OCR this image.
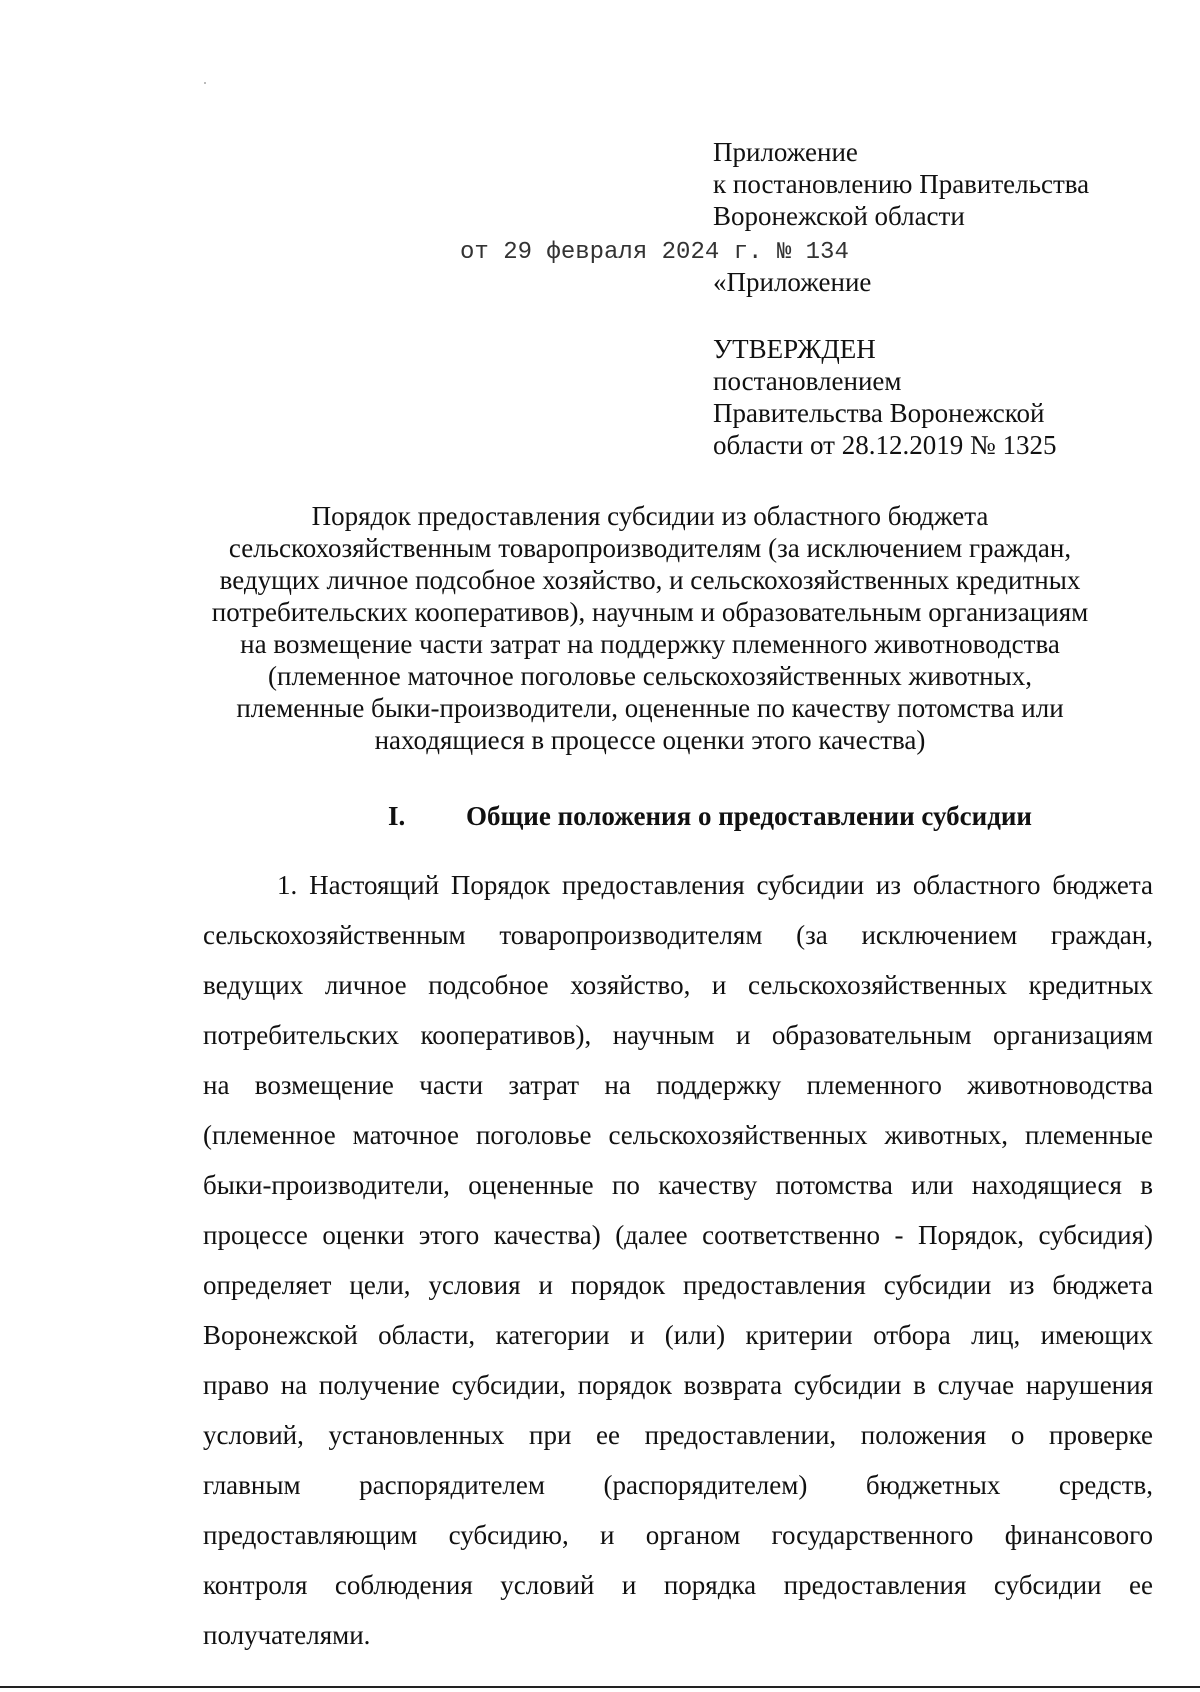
Приложение
к постановлению Правительства
Воронежской области
от 29 февраля 2024 г. № 134
«Приложение
УТВЕРЖДЕН
постановлением
Правительства Воронежской
области от 28.12.2019 № 1325
Порядок предоставления субсидии из областного бюджета
сельскохозяйственным товаропроизводителям (за исключением граждан,
ведущих личное подсобное хозяйство, и сельскохозяйственных кредитных
потребительских кооперативов), научным и образовательным организациям
на возмещение части затрат на поддержку племенного животноводства
(племенное маточное поголовье сельскохозяйственных животных,
племенные быки-производители, оцененные по качеству потомства или
находящиеся в процессе оценки этого качества)
I. Общие положения о предоставлении субсидии
1. Настоящий Порядок предоставления субсидии из областного бюджета
сельскохозяйственным товаропроизводителям (за исключением граждан,
ведущих личное подсобное хозяйство, и сельскохозяйственных кредитных
потребительских кооперативов), научным и образовательным организациям
на возмещение части затрат на поддержку племенного животноводства
(племенное маточное поголовье сельскохозяйственных животных, племенные
быки-производители, оцененные по качеству потомства или находящиеся в
процессе оценки этого качества) (далее соответственно - Порядок, субсидия)
определяет цели, условия и порядок предоставления субсидии из бюджета
Воронежской области, категории и (или) критерии отбора лиц, имеющих
право на получение субсидии, порядок возврата субсидии в случае нарушения
условий, установленных при ее предоставлении, положения о проверке
главным распорядителем (распорядителем) бюджетных средств,
предоставляющим субсидию, и органом государственного финансового
контроля соблюдения условий и порядка предоставления субсидии ее
получателями.
